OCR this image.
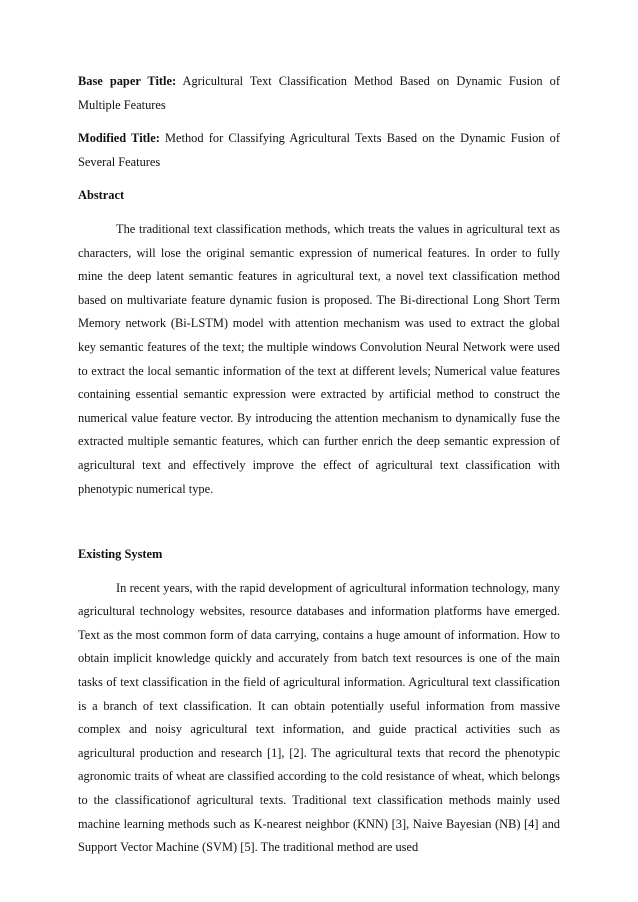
Base paper Title: Agricultural Text Classification Method Based on Dynamic Fusion of Multiple Features

Modified Title: Method for Classifying Agricultural Texts Based on the Dynamic Fusion of Several Features

Abstract

The traditional text classification methods, which treats the values in agricultural text as characters, will lose the original semantic expression of numerical features. In order to fully mine the deep latent semantic features in agricultural text, a novel text classification method based on multivariate feature dynamic fusion is proposed. The Bi-directional Long Short Term Memory network (Bi-LSTM) model with attention mechanism was used to extract the global key semantic features of the text; the multiple windows Convolution Neural Network were used to extract the local semantic information of the text at different levels; Numerical value features containing essential semantic expression were extracted by artificial method to construct the numerical value feature vector. By introducing the attention mechanism to dynamically fuse the extracted multiple semantic features, which can further enrich the deep semantic expression of agricultural text and effectively improve the effect of agricultural text classification with phenotypic numerical type.

Existing System

In recent years, with the rapid development of agricultural information technology, many agricultural technology websites, resource databases and information platforms have emerged. Text as the most common form of data carrying, contains a huge amount of information. How to obtain implicit knowledge quickly and accurately from batch text resources is one of the main tasks of text classification in the field of agricultural information. Agricultural text classification is a branch of text classification. It can obtain potentially useful information from massive complex and noisy agricultural text information, and guide practical activities such as agricultural production and research [1], [2]. The agricultural texts that record the phenotypic agronomic traits of wheat are classified according to the cold resistance of wheat, which belongs to the classificationof agricultural texts. Traditional text classification methods mainly used machine learning methods such as K-nearest neighbor (KNN) [3], Naive Bayesian (NB) [4] and Support Vector Machine (SVM) [5]. The traditional method are used
